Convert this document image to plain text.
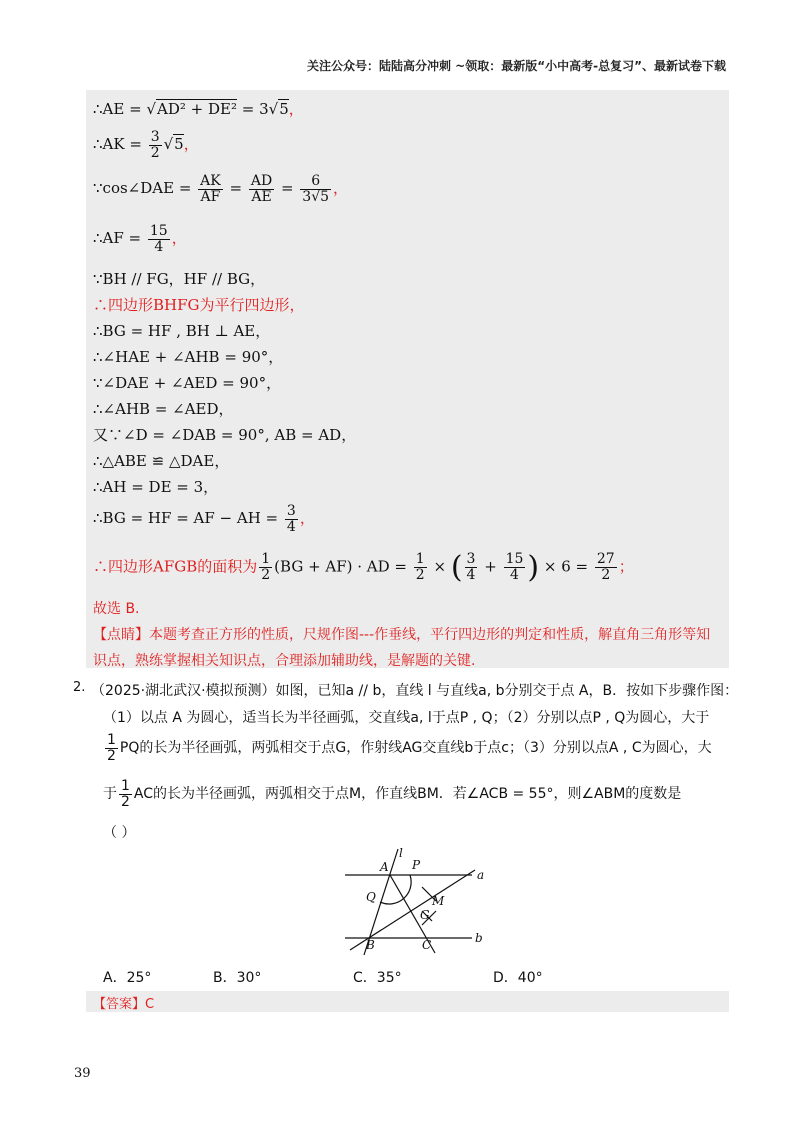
关注公众号：陆陆高分冲刺 ~领取：最新版“小中高考-总复习”、最新试卷下载
∴AE = √AD² + DE² = 3√5，
∴AK = $\frac{3}{2} √5$，
∵cos∠DAE = $\frac{AK}{AF} = \frac{AD}{AE} = \frac{6}{3√5}$ ，
∴AF = $\frac{15}{4}$ ，
∵BH // FG，HF // BG，
∴四边形BHFG为平行四边形，
∴BG = HF , BH ⊥ AE，
∴∠HAE + ∠AHB = 90°，
∵∠DAE + ∠AED = 90°，
∴∠AHB = ∠AED，
又∵∠D = ∠DAB = 90°, AB = AD，
∴△ABE ≌ △DAE，
∴AH = DE = 3，
∴BG = HF = AF − AH = $\frac{3}{4}$ ，
∴四边形AFGB的面积为 $\frac{1}{2} (BG + AF)$ · AD = $\frac{1}{2}$ × ( $\frac{3}{4} + \frac{15}{4}$ ) × $6 = \frac{27}{2}$ ；
故选 B.
【点睛】本题考查正方形的性质，尺规作图---作垂线，平行四边形的判定和性质，解直角三角形等知
识点，熟练掌握相关知识点，合理添加辅助线，是解题的关键.
2. （2025·湖北武汉·模拟预测）如图，已知a // b，直线 l 与直线a, b分别交于点 A，B．按如下步骤作图：
（1）以点 A 为圆心，适当长为半径画弧，交直线a, l于点P , Q；（2）分别以点P , Q为圆心，大于
$\frac{1}{2}$ PQ的长为半径画弧，两弧相交于点G，作射线AG交直线b于点c；（3）分别以点A , C为圆心，大
于 $\frac{1}{2}$ AC的长为半径画弧，两弧相交于点M，作直线BM．若∠ACB = 55°，则∠ABM的度数是
（ ）
A P
l
a
Q	M
G
B	C	b
A．25°	B．30°	C．35°	D．40°
【答案】C
39
